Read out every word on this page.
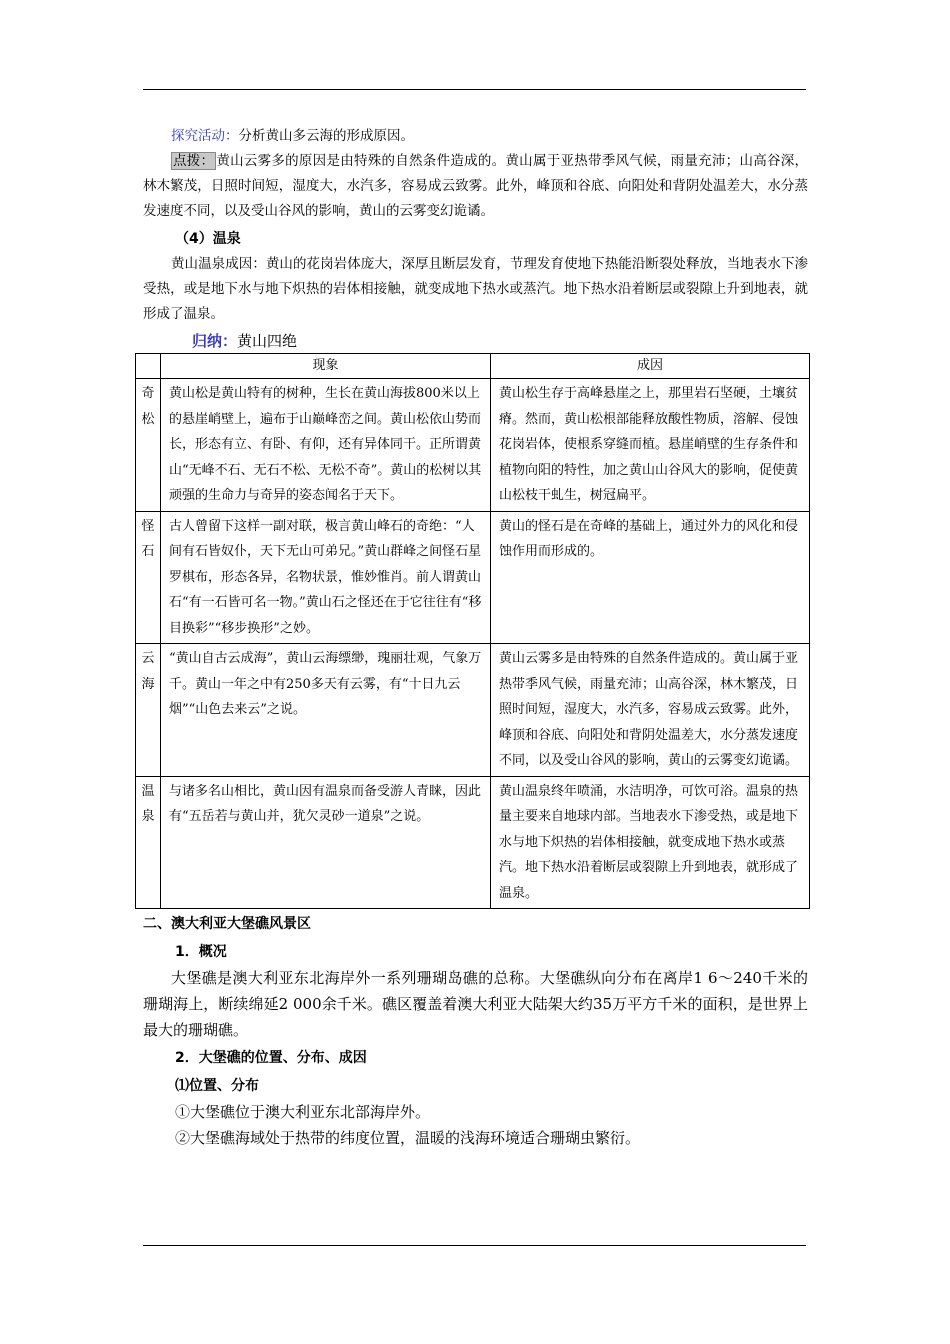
探究活动：分析黄山多云海的形成原因。

点拨： 黄山云雾多的原因是由特殊的自然条件造成的。黄山属于亚热带季风气候，雨量充沛；山高谷深，林木繁茂，日照时间短，湿度大，水汽多，容易成云致雾。此外，峰顶和谷底、向阳处和背阴处温差大，水分蒸发速度不同，以及受山谷风的影响，黄山的云雾变幻诡谲。

（4）温泉

黄山温泉成因：黄山的花岗岩体庞大，深厚且断层发育，节理发育使地下热能沿断裂处释放，当地表水下渗受热，或是地下水与地下炽热的岩体相接触，就变成地下热水或蒸汽。地下热水沿着断层或裂隙上升到地表，就形成了温泉。

归纳：黄山四绝

	现象	成因
奇松	黄山松是黄山特有的树种，生长在黄山海拔800米以上的悬崖峭壁上，遍布于山巅峰峦之间。黄山松依山势而长，形态有立、有卧、有仰，还有异体同干。正所谓黄山“无峰不石、无石不松、无松不奇”。黄山的松树以其顽强的生命力与奇异的姿态闻名于天下。	黄山松生存于高峰悬崖之上，那里岩石坚硬，土壤贫瘠。然而，黄山松根部能释放酸性物质，溶解、侵蚀花岗岩体，使根系穿缝而植。悬崖峭壁的生存条件和植物向阳的特性，加之黄山山谷风大的影响，促使黄山松枝干虬生，树冠扁平。
怪石	古人曾留下这样一副对联，极言黄山峰石的奇绝：“人间有石皆奴仆，天下无山可弟兄。”黄山群峰之间怪石星罗棋布，形态各异，名物状景，惟妙惟肖。前人谓黄山石“有一石皆可名一物。”黄山石之怪还在于它往往有“移目换彩”“移步换形”之妙。	黄山的怪石是在奇峰的基础上，通过外力的风化和侵蚀作用而形成的。
云海	“黄山自古云成海”，黄山云海缥缈，瑰丽壮观，气象万千。黄山一年之中有250多天有云雾，有“十日九云烟”“山色去来云”之说。	黄山云雾多是由特殊的自然条件造成的。黄山属于亚热带季风气候，雨量充沛；山高谷深，林木繁茂，日照时间短，湿度大，水汽多，容易成云致雾。此外，峰顶和谷底、向阳处和背阴处温差大，水分蒸发速度不同，以及受山谷风的影响，黄山的云雾变幻诡谲。
温泉	与诸多名山相比，黄山因有温泉而备受游人青睐，因此有“五岳若与黄山并，犹欠灵砂一道泉”之说。	黄山温泉终年喷涌，水洁明净，可饮可浴。温泉的热量主要来自地球内部。当地表水下渗受热，或是地下水与地下炽热的岩体相接触，就变成地下热水或蒸汽。地下热水沿着断层或裂隙上升到地表，就形成了温泉。

二、澳大利亚大堡礁风景区

1．概况

大堡礁是澳大利亚东北海岸外一系列珊瑚岛礁的总称。大堡礁纵向分布在离岸1 6～240千米的珊瑚海上，断续绵延2 000余千米。礁区覆盖着澳大利亚大陆架大约35万平方千米的面积，是世界上最大的珊瑚礁。

2．大堡礁的位置、分布、成因

⑴位置、分布

①大堡礁位于澳大利亚东北部海岸外。

②大堡礁海域处于热带的纬度位置，温暖的浅海环境适合珊瑚虫繁衍。
